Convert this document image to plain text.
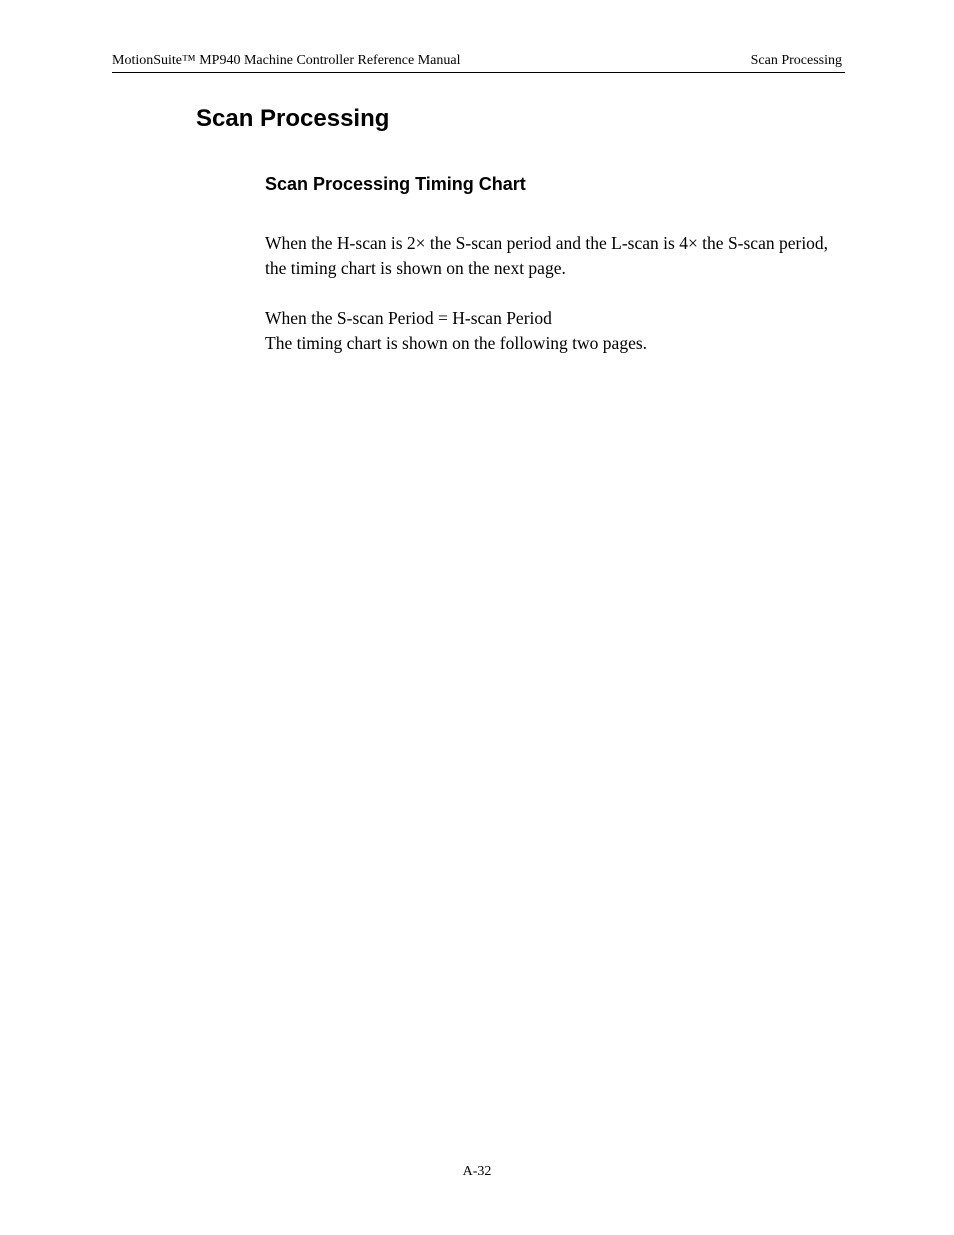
MotionSuite™ MP940 Machine Controller Reference Manual	Scan Processing
Scan Processing
Scan Processing Timing Chart

When the H-scan is 2× the S-scan period and the L-scan is 4× the S-scan period, the timing chart is shown on the next page.

When the S-scan Period = H-scan Period
The timing chart is shown on the following two pages.
A-32
